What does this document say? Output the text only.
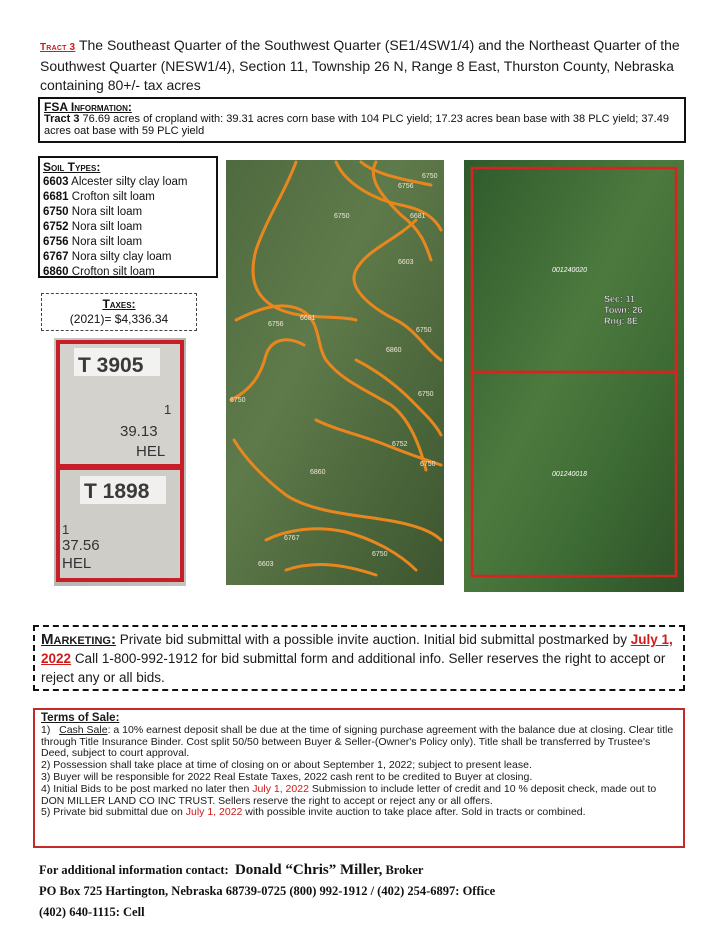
Tract 3 The Southeast Quarter of the Southwest Quarter (SE1/4SW1/4) and the Northeast Quarter of the Southwest Quarter (NESW1/4), Section 11, Township 26 N, Range 8 East, Thurston County, Nebraska containing 80+/- tax acres
FSA Information:
Tract 3 76.69 acres of cropland with: 39.31 acres corn base with 104 PLC yield; 17.23 acres bean base with 38 PLC yield; 37.49 acres oat base with 59 PLC yield
Soil Types:
6603 Alcester silty clay loam
6681 Crofton silt loam
6750 Nora silt loam
6752 Nora silt loam
6756 Nora silt loam
6767 Nora silty clay loam
6860 Crofton silt loam
Taxes:
(2021)= $4,336.34
T 3905
1
39.13
HEL
T 1898
1
37.56
HEL
6750
6756
6750	6681
6603
6756
6681
6750
6860
6750
6750
6752
6750
6860
6767
6750
6603
001240020
001240018
Sec: 11
Town: 26
Rng: 8E
Marketing: Private bid submittal with a possible invite auction. Initial bid submittal postmarked by July 1, 2022 Call 1-800-992-1912 for bid submittal form and additional info. Seller reserves the right to accept or reject any or all bids.
Terms of Sale:
1) Cash Sale: a 10% earnest deposit shall be due at the time of signing purchase agreement with the balance due at closing. Clear title through Title Insurance Binder. Cost split 50/50 between Buyer & Seller-(Owner's Policy only). Title shall be transferred by Trustee's Deed, subject to court approval.
2) Possession shall take place at time of closing on or about September 1, 2022; subject to present lease.
3) Buyer will be responsible for 2022 Real Estate Taxes, 2022 cash rent to be credited to Buyer at closing.
4) Initial Bids to be post marked no later then July 1, 2022 Submission to include letter of credit and 10 % deposit check, made out to DON MILLER LAND CO INC TRUST. Sellers reserve the right to accept or reject any or all offers.
5) Private bid submittal due on July 1, 2022 with possible invite auction to take place after. Sold in tracts or combined.
For additional information contact: Donald “Chris” Miller, Broker
PO Box 725 Hartington, Nebraska 68739-0725 (800) 992-1912 / (402) 254-6897: Office
(402) 640-1115: Cell
